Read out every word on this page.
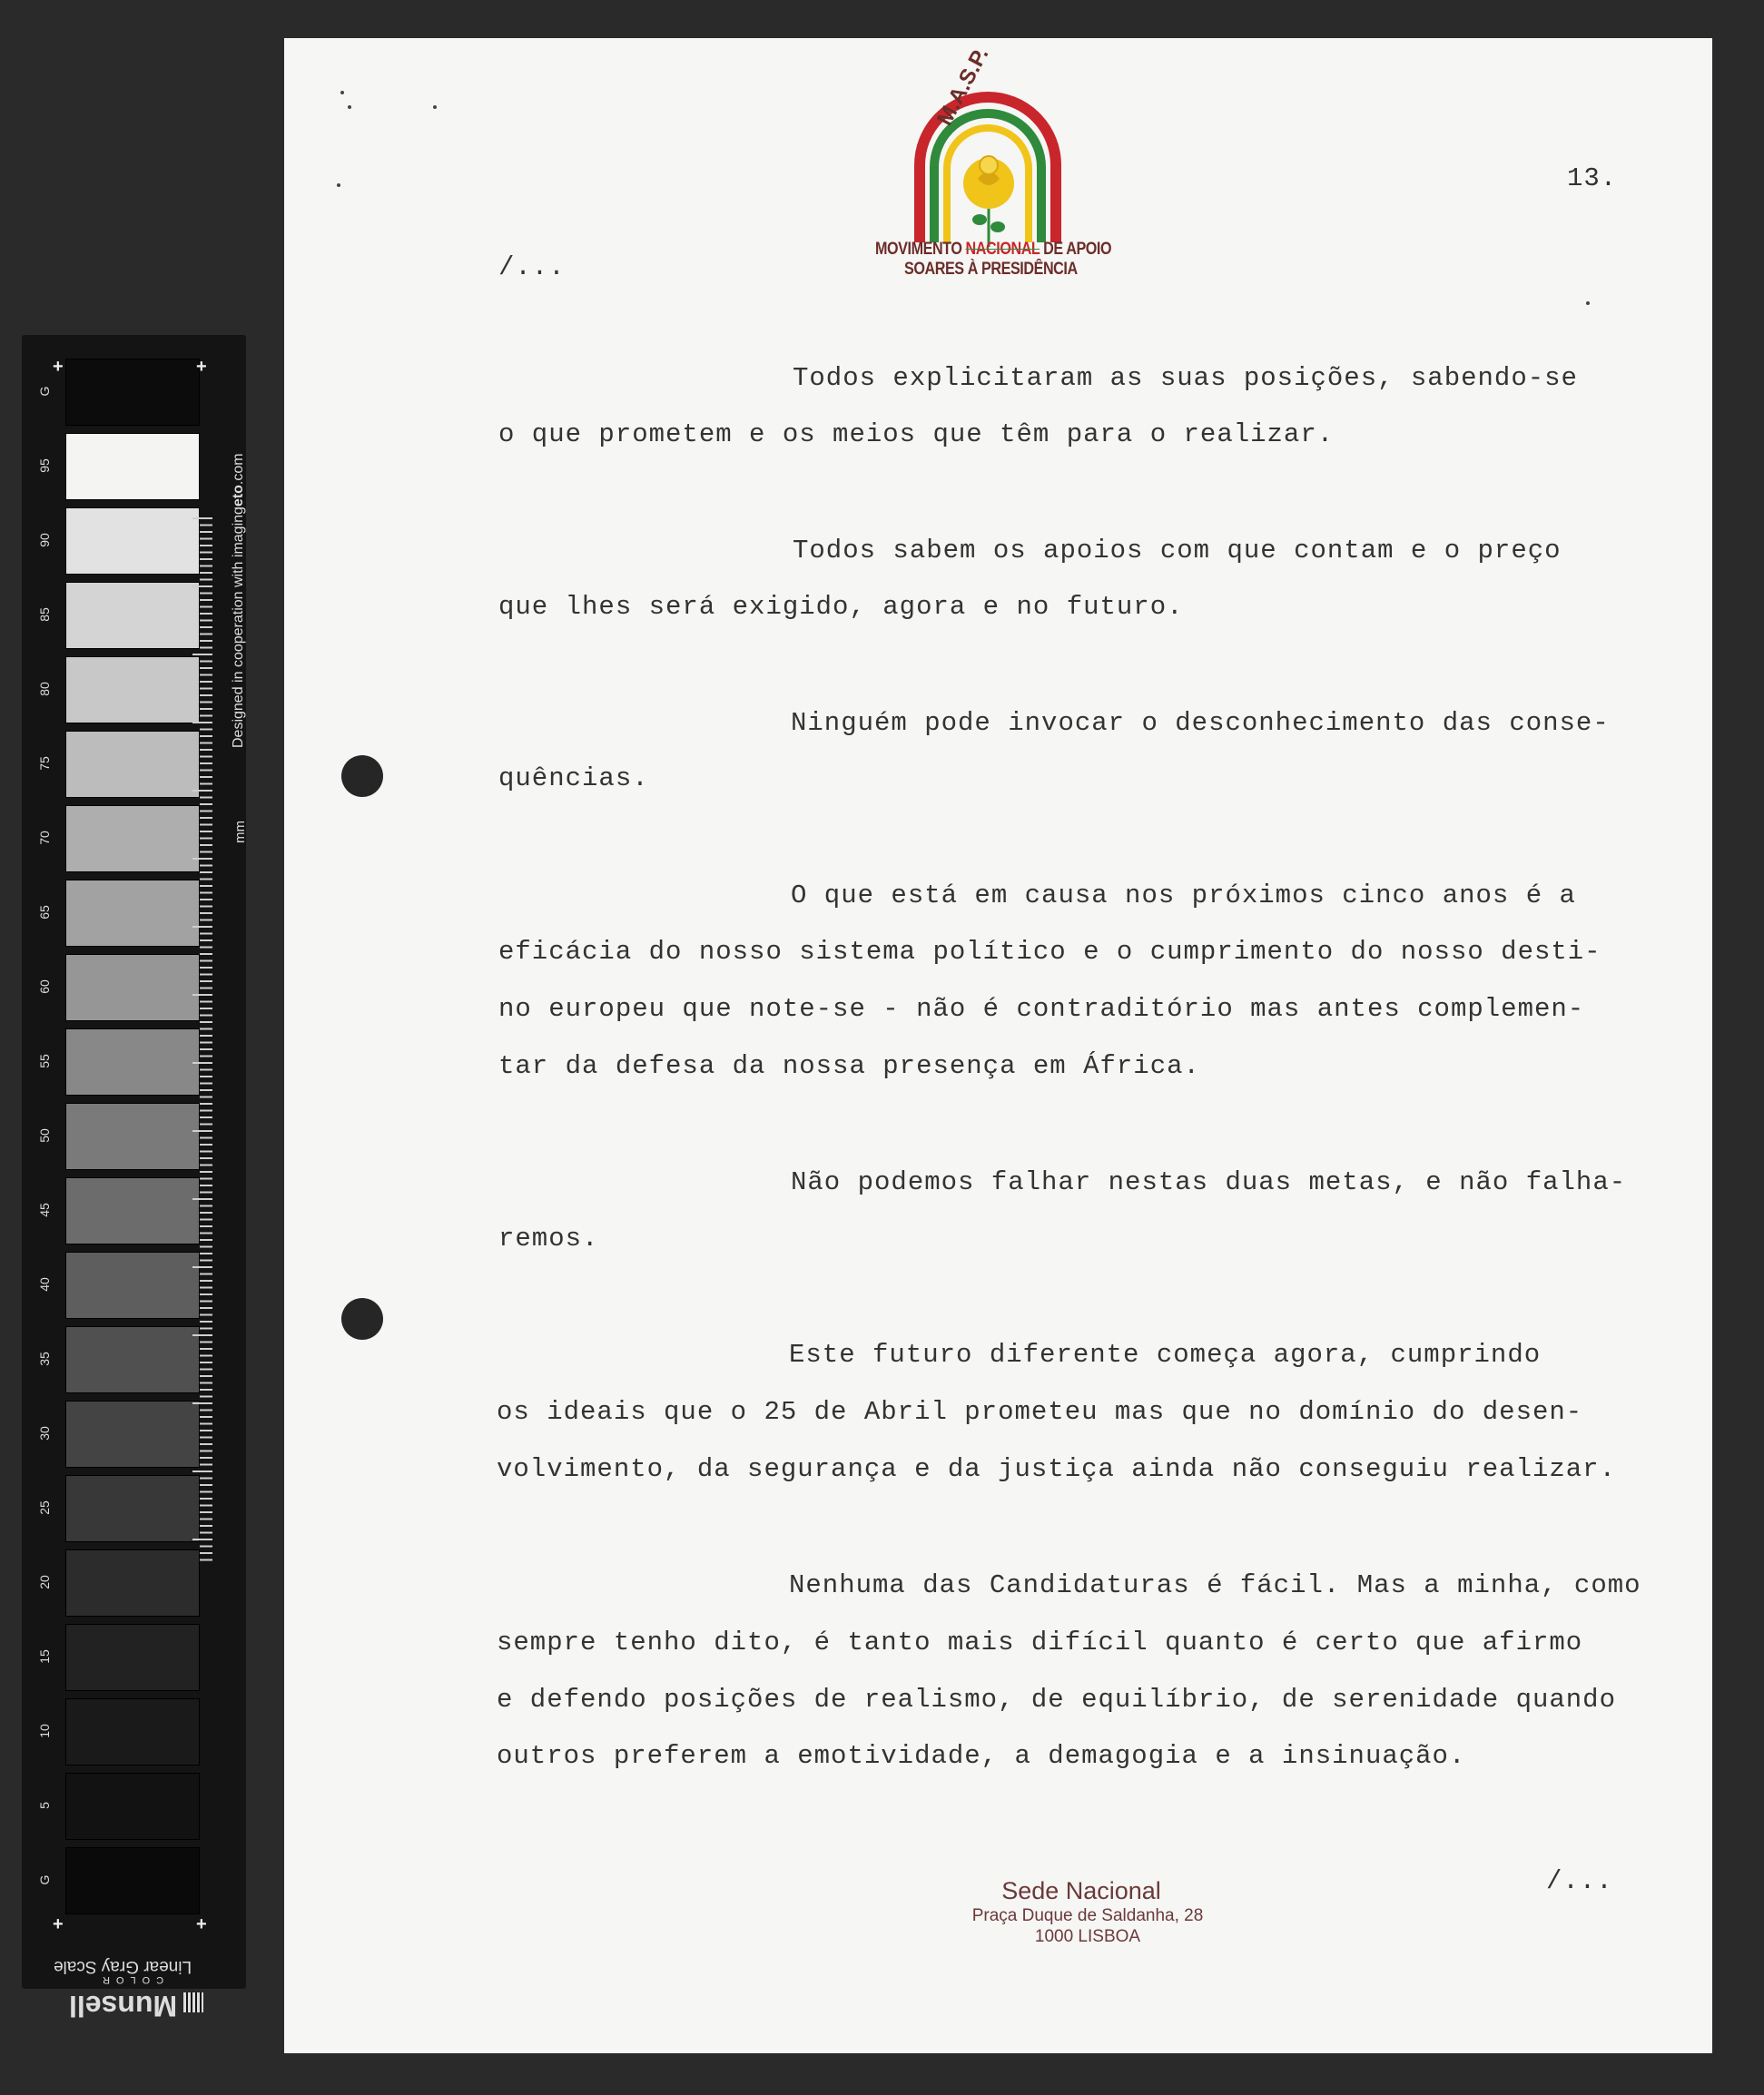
G
95
90
85
80
75
70
65
60
55
50
45
40
35
30
25
20
15
10
5
G
+	+
+	+
Designed in cooperation with imagingeto.com
mm
Linear Gray Scale
Munsell
COLOR
M.A.S.P.
MOVIMENTO NACIONAL DE APOIO
SOARES À PRESIDÊNCIA
13.
/...
/...
Todos explicitaram as suas posições, sabendo-se
o que prometem e os meios que têm para o realizar.
Todos sabem os apoios com que contam e o preço
que lhes será exigido, agora e no futuro.
Ninguém pode invocar o desconhecimento das conse-
quências.
O que está em causa nos próximos cinco anos é a
eficácia do nosso sistema político e o cumprimento do nosso desti-
no europeu que note-se - não é contraditório mas antes complemen-
tar da defesa da nossa presença em África.
Não podemos falhar nestas duas metas, e não falha-
remos.
Este futuro diferente começa agora, cumprindo
os ideais que o 25 de Abril prometeu mas que no domínio do desen-
volvimento, da segurança e da justiça ainda não conseguiu realizar.
Nenhuma das Candidaturas é fácil. Mas a minha, como
sempre tenho dito, é tanto mais difícil quanto é certo que afirmo
e defendo posições de realismo, de equilíbrio, de serenidade quando
outros preferem a emotividade, a demagogia e a insinuação.
Sede Nacional
Praça Duque de Saldanha, 28
1000 LISBOA
